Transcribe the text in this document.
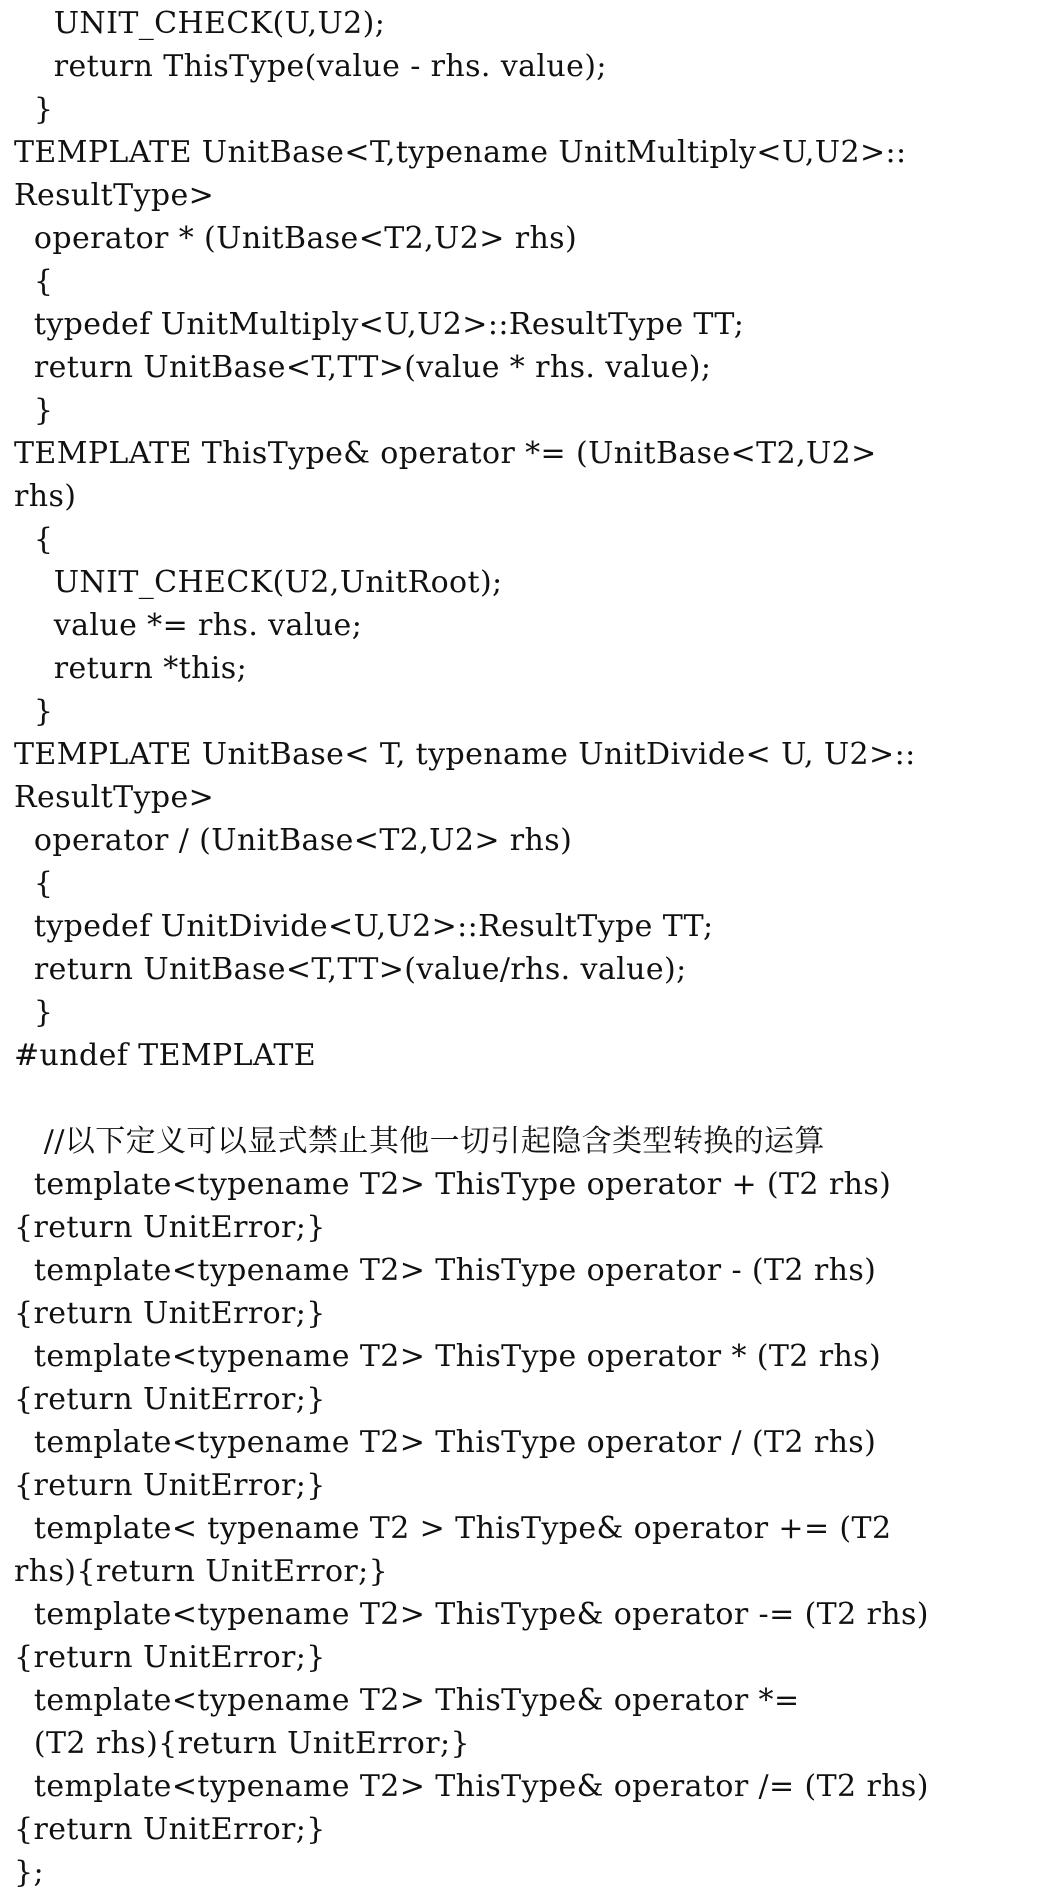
UNIT_CHECK(U,U2);
return ThisType(value - rhs. value);
}
TEMPLATE UnitBase<T,typename UnitMultiply<U,U2>::
ResultType>
operator * (UnitBase<T2,U2> rhs)
{
typedef UnitMultiply<U,U2>::ResultType TT;
return UnitBase<T,TT>(value * rhs. value);
}
TEMPLATE ThisType& operator *= (UnitBase<T2,U2>
rhs)
{
UNIT_CHECK(U2,UnitRoot);
value *= rhs. value;
return *this;
}
TEMPLATE UnitBase< T, typename UnitDivide< U, U2>::
ResultType>
operator / (UnitBase<T2,U2> rhs)
{
typedef UnitDivide<U,U2>::ResultType TT;
return UnitBase<T,TT>(value/rhs. value);
}
#undef TEMPLATE
//以下定义可以显式禁止其他一切引起隐含类型转换的运算
template<typename T2> ThisType operator + (T2 rhs)
{return UnitError;}
template<typename T2> ThisType operator - (T2 rhs)
{return UnitError;}
template<typename T2> ThisType operator * (T2 rhs)
{return UnitError;}
template<typename T2> ThisType operator / (T2 rhs)
{return UnitError;}
template< typename T2 > ThisType& operator += (T2
rhs){return UnitError;}
template<typename T2> ThisType& operator -= (T2 rhs)
{return UnitError;}
template<typename T2> ThisType& operator *=
(T2 rhs){return UnitError;}
template<typename T2> ThisType& operator /= (T2 rhs)
{return UnitError;}
};
